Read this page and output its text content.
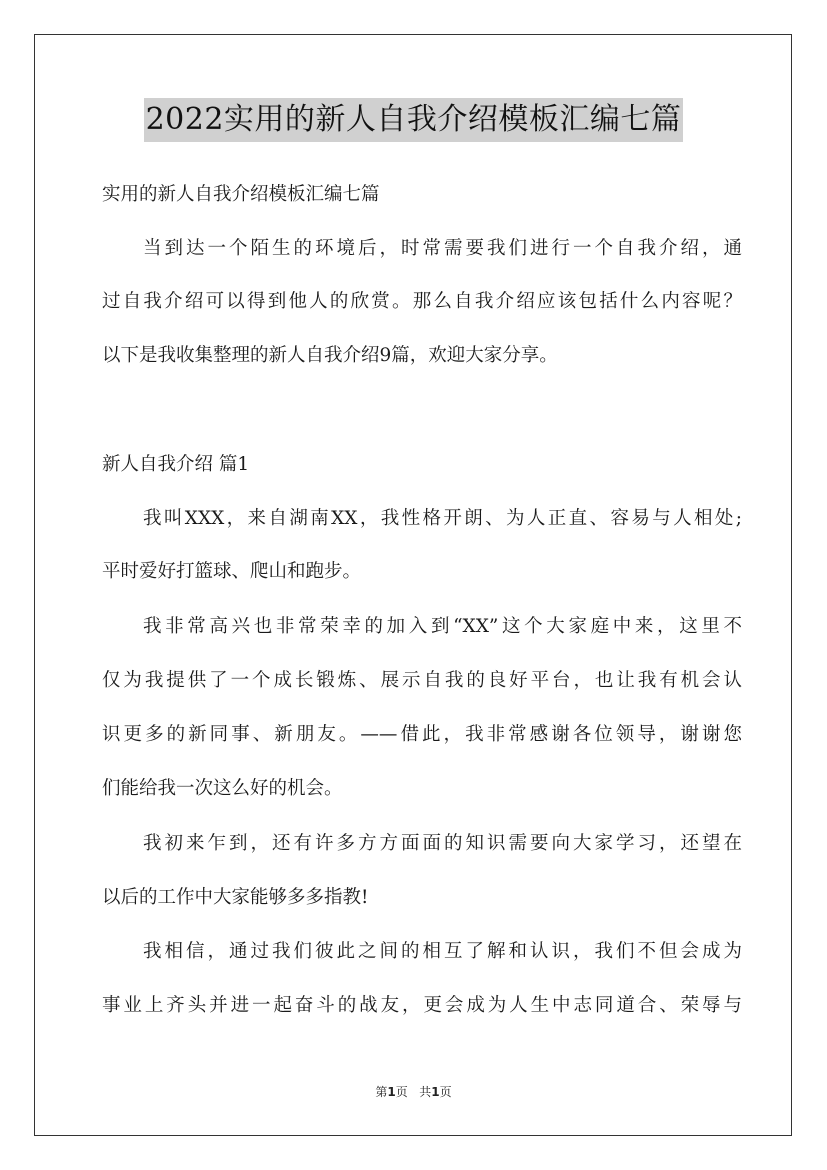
2022实用的新人自我介绍模板汇编七篇
实用的新人自我介绍模板汇编七篇
当到达一个陌生的环境后，时常需要我们进行一个自我介绍，通
过自我介绍可以得到他人的欣赏。那么自我介绍应该包括什么内容呢？
以下是我收集整理的新人自我介绍9篇，欢迎大家分享。
新人自我介绍 篇1
我叫XXX，来自湖南XX，我性格开朗、为人正直、容易与人相处;
平时爱好打篮球、爬山和跑步。
我非常高兴也非常荣幸的加入到“XX”这个大家庭中来，这里不
仅为我提供了一个成长锻炼、展示自我的良好平台，也让我有机会认
识更多的新同事、新朋友。——借此，我非常感谢各位领导，谢谢您
们能给我一次这么好的机会。
我初来乍到，还有许多方方面面的知识需要向大家学习，还望在
以后的工作中大家能够多多指教!
我相信，通过我们彼此之间的相互了解和认识，我们不但会成为
事业上齐头并进一起奋斗的战友，更会成为人生中志同道合、荣辱与
第1页 共1页
